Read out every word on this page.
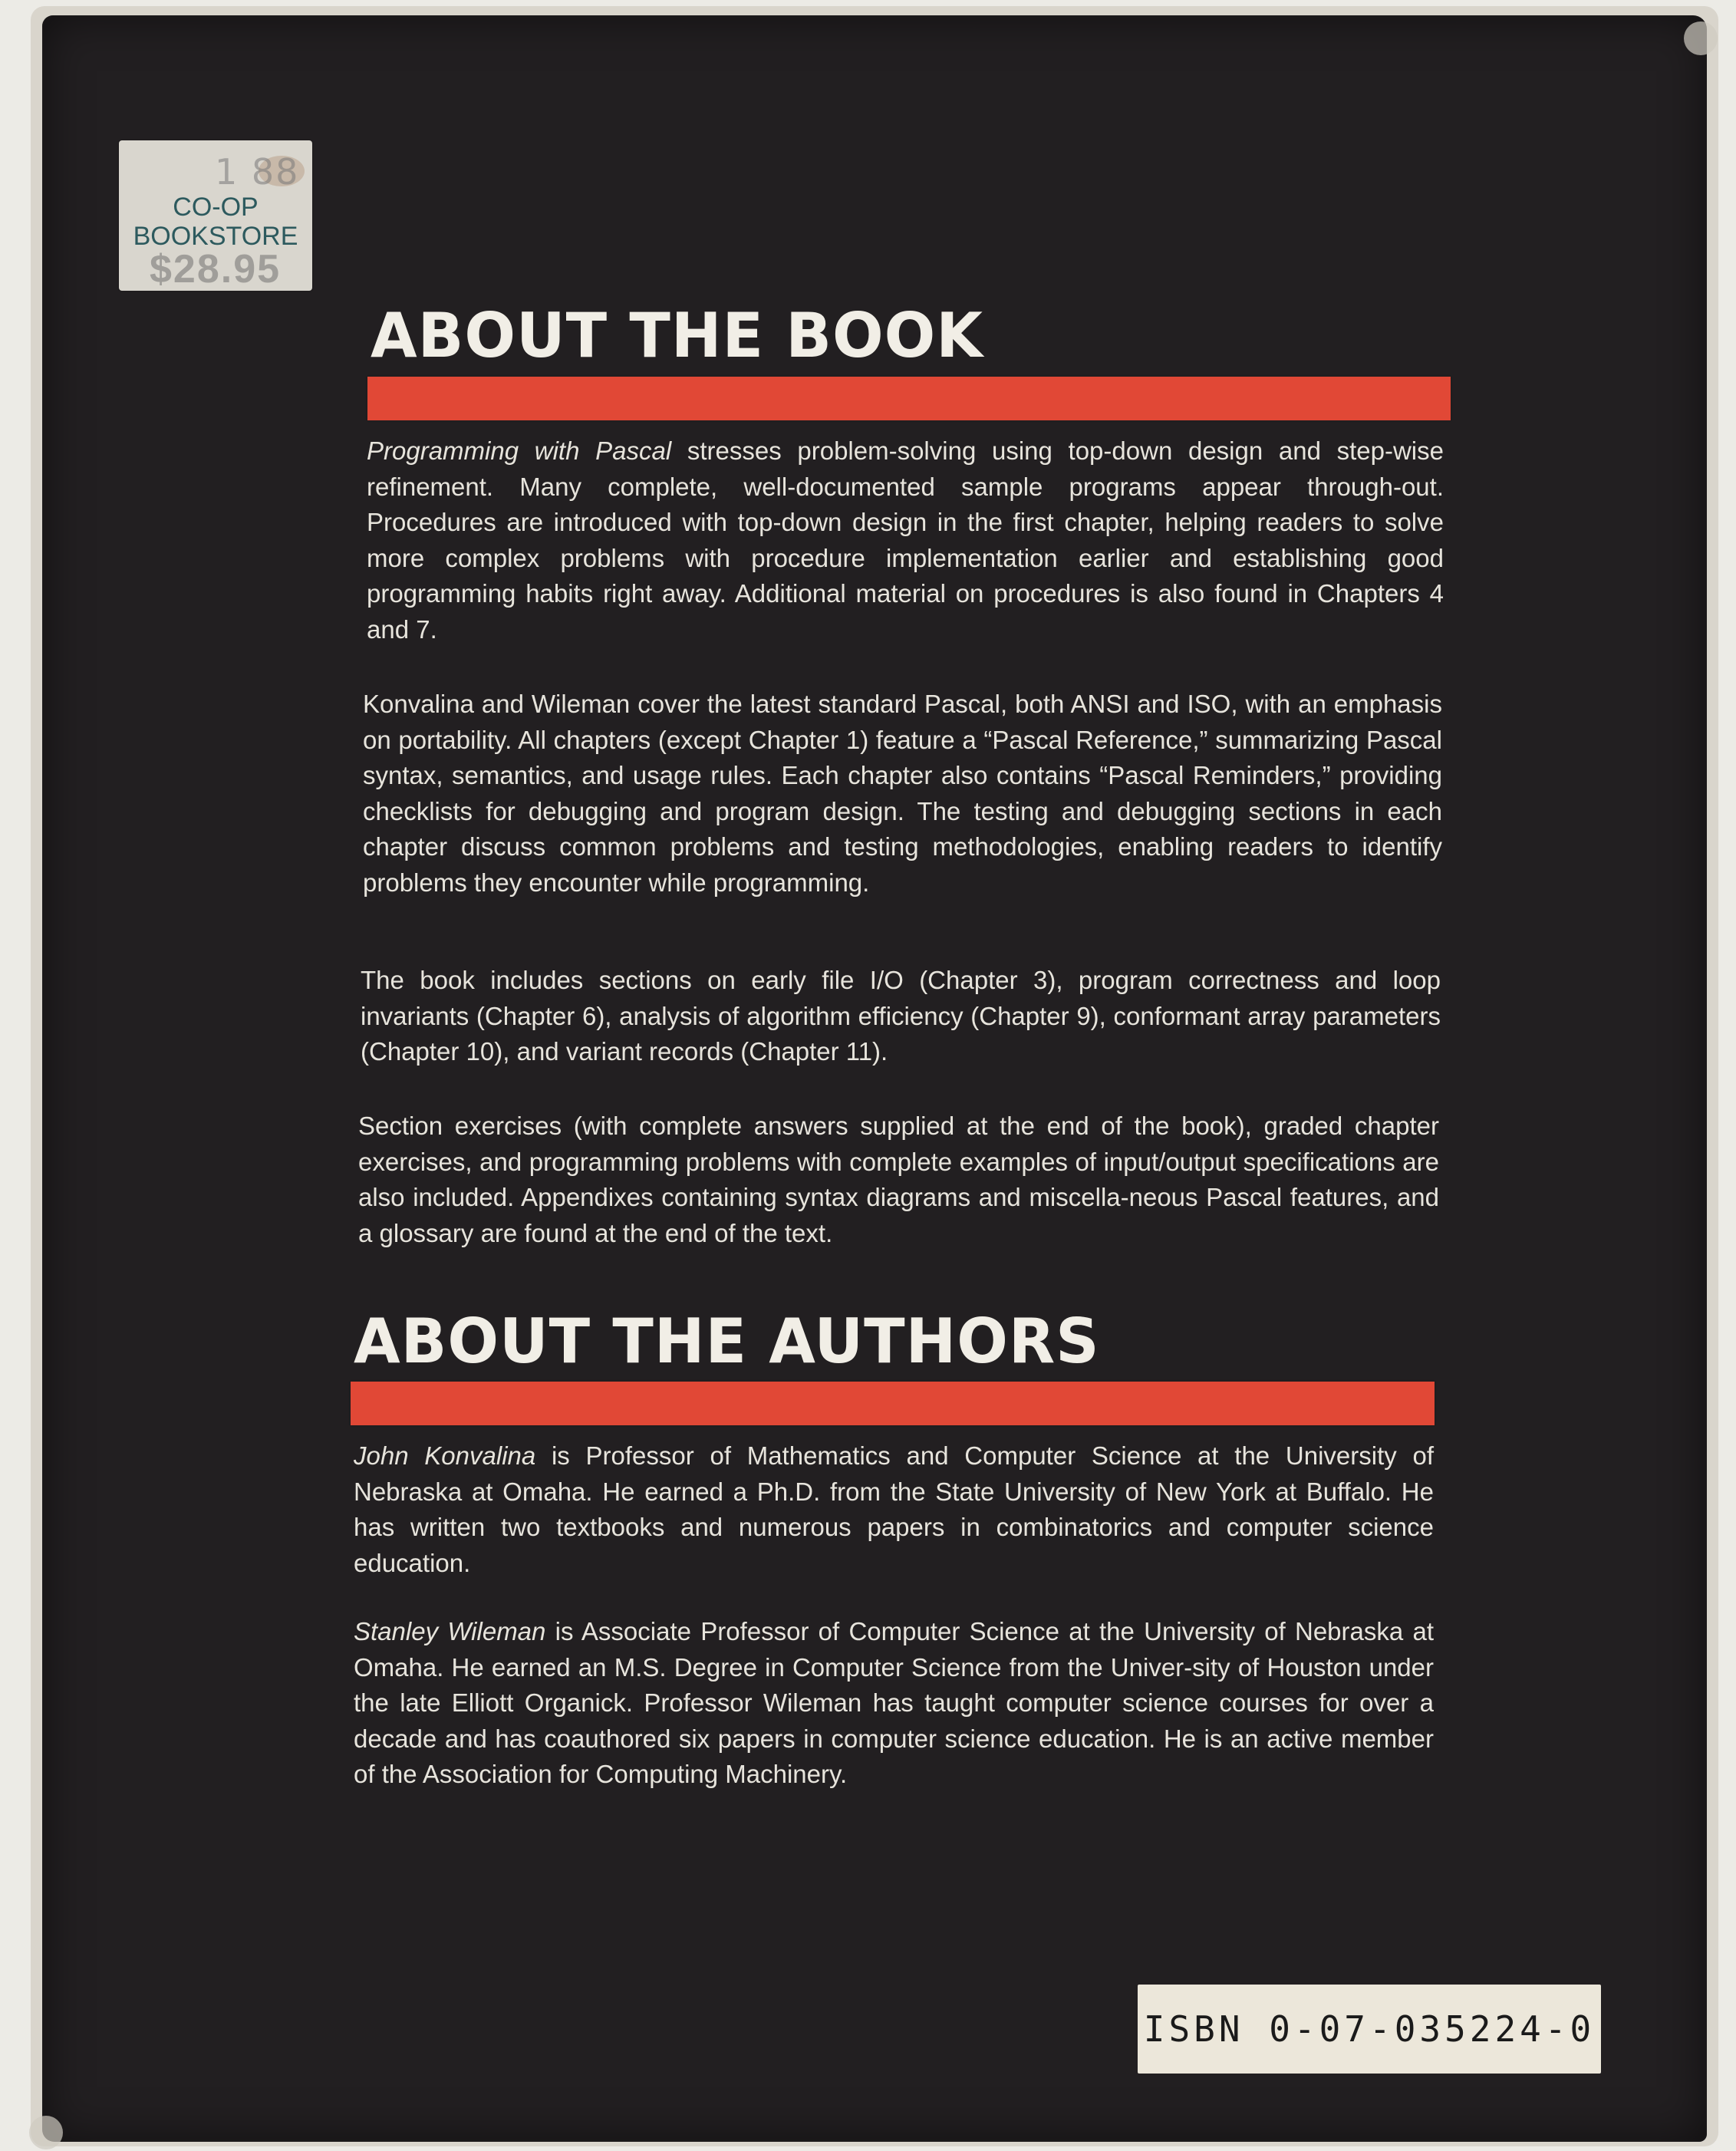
1 88
CO-OP
BOOKSTORE
$28.95
ABOUT THE BOOK

Programming with Pascal stresses problem-solving using top-down design and step-wise refinement. Many complete, well-documented sample programs appear through-out. Procedures are introduced with top-down design in the first chapter, helping readers to solve more complex problems with procedure implementation earlier and establishing good programming habits right away. Additional material on procedures is also found in Chapters 4 and 7.

Konvalina and Wileman cover the latest standard Pascal, both ANSI and ISO, with an emphasis on portability. All chapters (except Chapter 1) feature a “Pascal Reference,” summarizing Pascal syntax, semantics, and usage rules. Each chapter also contains “Pascal Reminders,” providing checklists for debugging and program design. The testing and debugging sections in each chapter discuss common problems and testing methodologies, enabling readers to identify problems they encounter while programming.

The book includes sections on early file I/O (Chapter 3), program correctness and loop invariants (Chapter 6), analysis of algorithm efficiency (Chapter 9), conformant array parameters (Chapter 10), and variant records (Chapter 11).

Section exercises (with complete answers supplied at the end of the book), graded chapter exercises, and programming problems with complete examples of input/output specifications are also included. Appendixes containing syntax diagrams and miscella-neous Pascal features, and a glossary are found at the end of the text.

ABOUT THE AUTHORS

John Konvalina is Professor of Mathematics and Computer Science at the University of Nebraska at Omaha. He earned a Ph.D. from the State University of New York at Buffalo. He has written two textbooks and numerous papers in combinatorics and computer science education.

Stanley Wileman is Associate Professor of Computer Science at the University of Nebraska at Omaha. He earned an M.S. Degree in Computer Science from the Univer-sity of Houston under the late Elliott Organick. Professor Wileman has taught computer science courses for over a decade and has coauthored six papers in computer science education. He is an active member of the Association for Computing Machinery.

ISBN 0-07-035224-0
